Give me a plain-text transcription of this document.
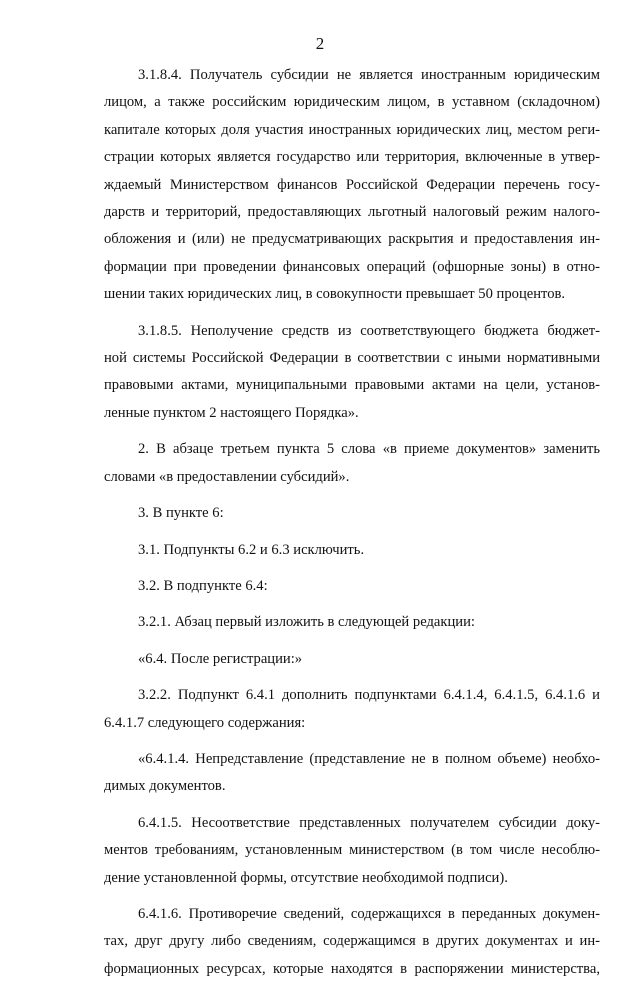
2
3.1.8.4. Получатель субсидии не является иностранным юридическим
лицом, а также российским юридическим лицом, в уставном (складочном)
капитале которых доля участия иностранных юридических лиц, местом реги-
страции которых является государство или территория, включенные в утвер-
ждаемый Министерством финансов Российской Федерации перечень госу-
дарств и территорий, предоставляющих льготный налоговый режим налого-
обложения и (или) не предусматривающих раскрытия и предоставления ин-
формации при проведении финансовых операций (офшорные зоны) в отно-
шении таких юридических лиц, в совокупности превышает 50 процентов.
3.1.8.5. Неполучение средств из соответствующего бюджета бюджет-
ной системы Российской Федерации в соответствии с иными нормативными
правовыми актами, муниципальными правовыми актами на цели, установ-
ленные пунктом 2 настоящего Порядка».
2. В абзаце третьем пункта 5 слова «в приеме документов» заменить
словами «в предоставлении субсидий».
3. В пункте 6:
3.1. Подпункты 6.2 и 6.3 исключить.
3.2. В подпункте 6.4:
3.2.1. Абзац первый изложить в следующей редакции:
«6.4. После регистрации:»
3.2.2. Подпункт 6.4.1 дополнить подпунктами 6.4.1.4, 6.4.1.5, 6.4.1.6 и
6.4.1.7 следующего содержания:
«6.4.1.4. Непредставление (представление не в полном объеме) необхо-
димых документов.
6.4.1.5. Несоответствие представленных получателем субсидии доку-
ментов требованиям, установленным министерством (в том числе несоблю-
дение установленной формы, отсутствие необходимой подписи).
6.4.1.6. Противоречие сведений, содержащихся в переданных докумен-
тах, друг другу либо сведениям, содержащимся в других документах и ин-
формационных ресурсах, которые находятся в распоряжении министерства,
